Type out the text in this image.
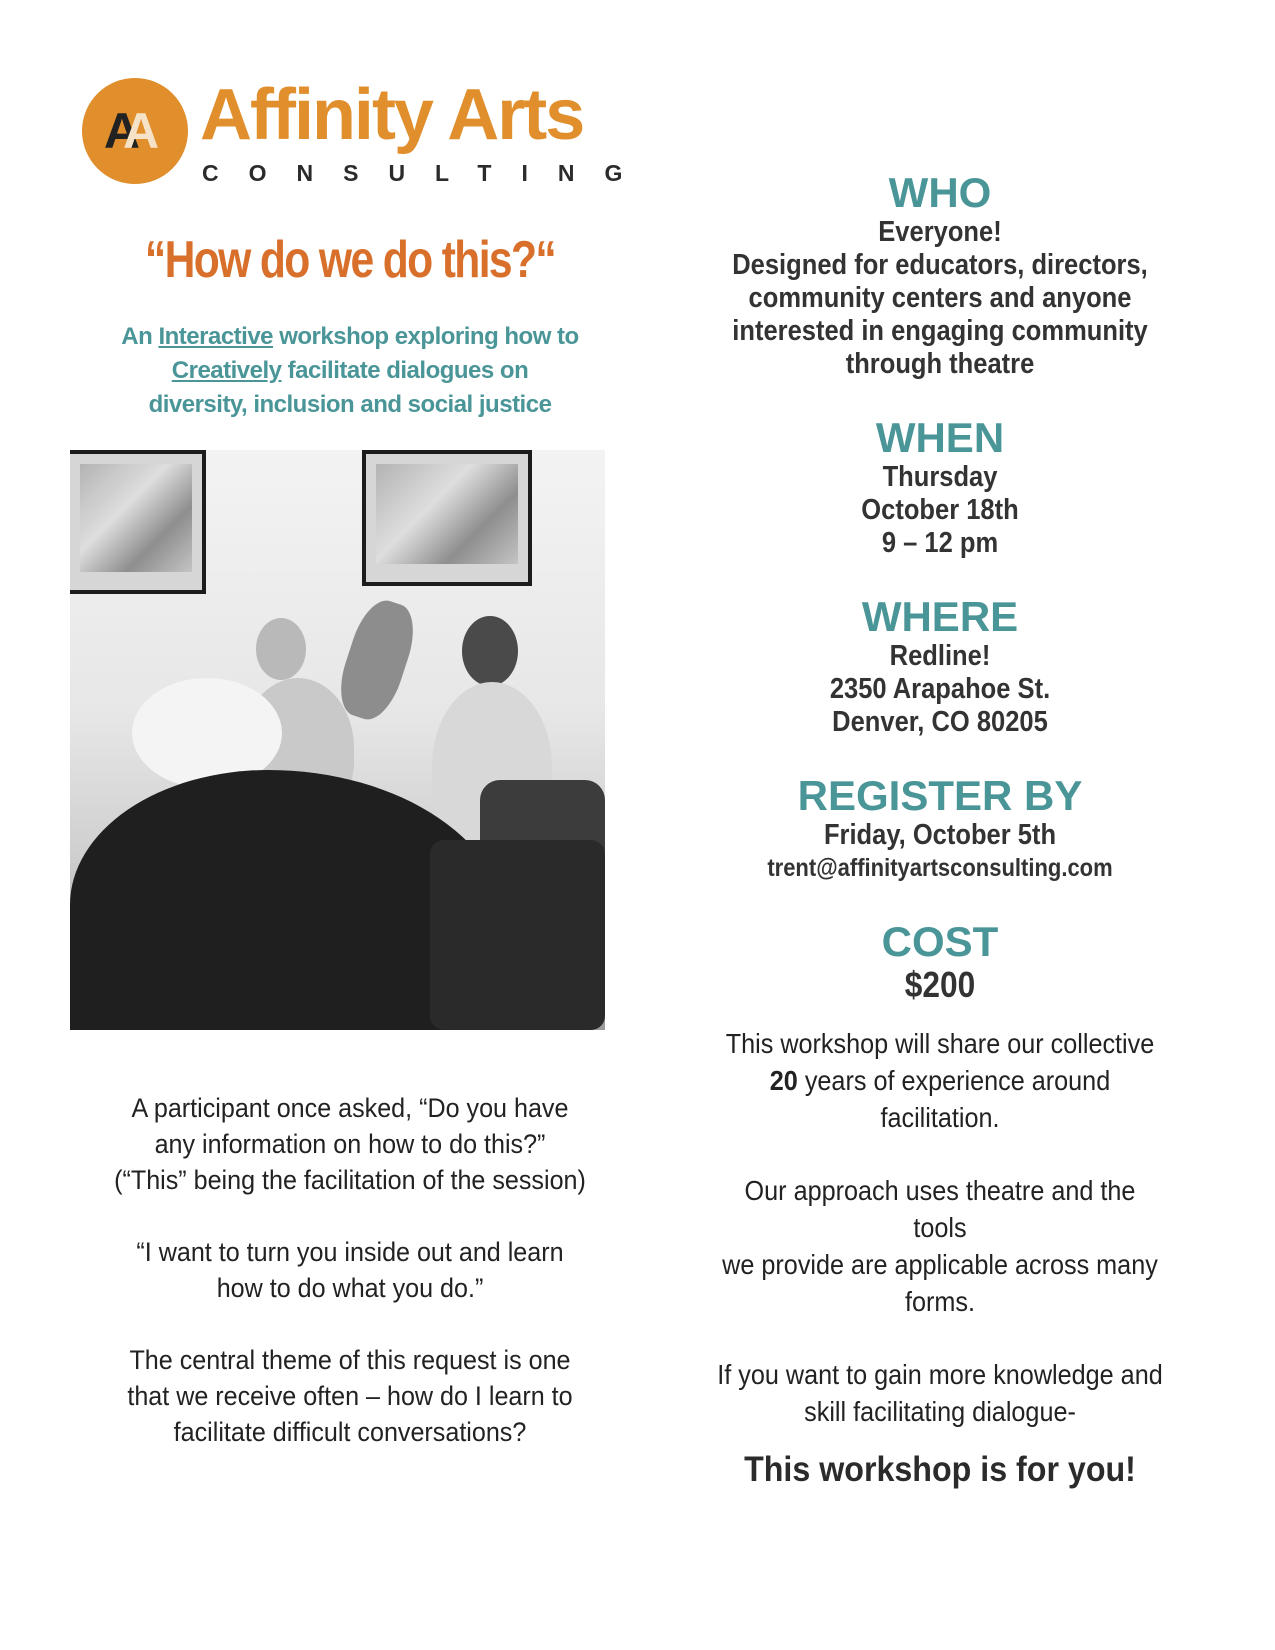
AA Affinity Arts
CONSULTING
“How do we do this?“
An Interactive workshop exploring how to
Creatively facilitate dialogues on
diversity, inclusion and social justice

A participant once asked, “Do you have
any information on how to do this?”
(“This” being the facilitation of the session)

“I want to turn you inside out and learn
how to do what you do.”

The central theme of this request is one
that we receive often – how do I learn to
facilitate difficult conversations?

WHO
Everyone!
Designed for educators, directors,
community centers and anyone
interested in engaging community
through theatre
WHEN
Thursday
October 18th
9 – 12 pm
WHERE
Redline!
2350 Arapahoe St.
Denver, CO 80205
REGISTER BY
Friday, October 5th
trent@affinityartsconsulting.com
COST
$200

This workshop will share our collective
20 years of experience around facilitation.

Our approach uses theatre and the tools
we provide are applicable across many
forms.

If you want to gain more knowledge and
skill facilitating dialogue-

This workshop is for you!
